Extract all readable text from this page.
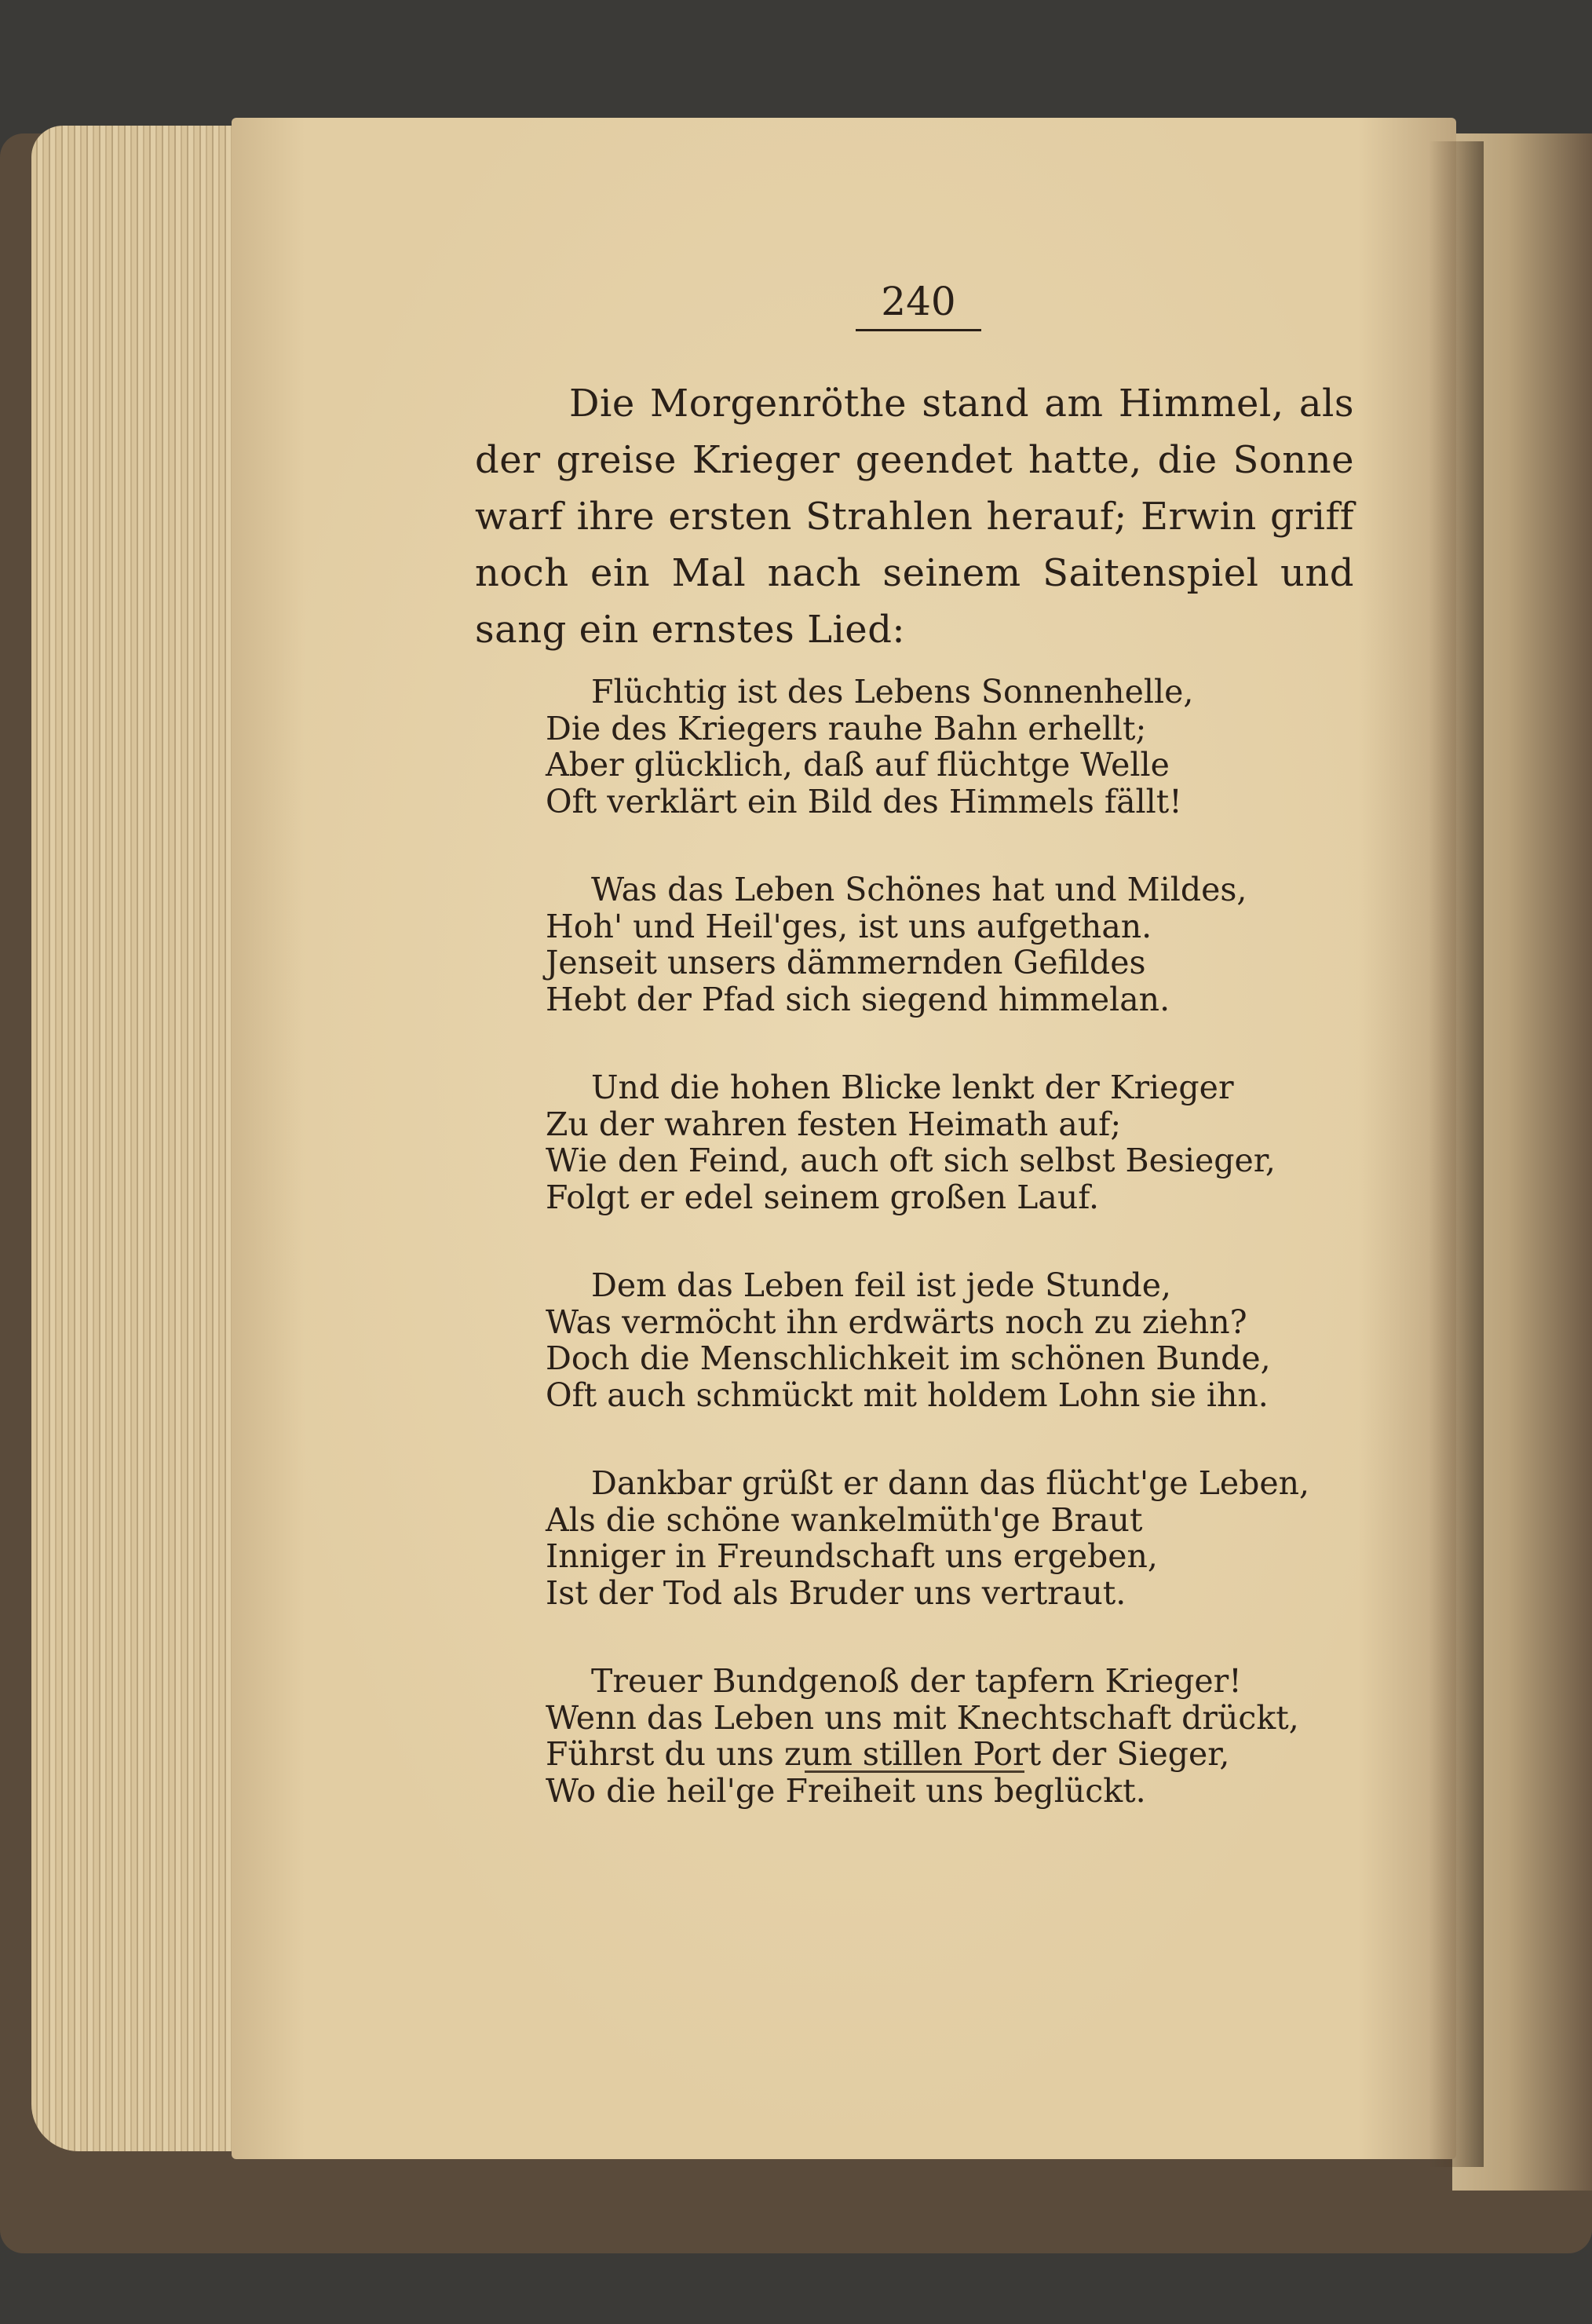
240
Die Morgenröthe stand am Himmel, als der greise Krieger geendet hatte, die Sonne warf ihre ersten Strahlen herauf; Erwin griff noch ein Mal nach seinem Saitenspiel und sang ein ernstes Lied:
Flüchtig ist des Lebens Sonnenhelle,
Die des Kriegers rauhe Bahn erhellt;
Aber glücklich, daß auf flüchtge Welle
Oft verklärt ein Bild des Himmels fällt!
Was das Leben Schönes hat und Mildes,
Hoh' und Heil'ges, ist uns aufgethan.
Jenseit unsers dämmernden Gefildes
Hebt der Pfad sich siegend himmelan.
Und die hohen Blicke lenkt der Krieger
Zu der wahren festen Heimath auf;
Wie den Feind, auch oft sich selbst Besieger,
Folgt er edel seinem großen Lauf.
Dem das Leben feil ist jede Stunde,
Was vermöcht ihn erdwärts noch zu ziehn?
Doch die Menschlichkeit im schönen Bunde,
Oft auch schmückt mit holdem Lohn sie ihn.
Dankbar grüßt er dann das flücht'ge Leben,
Als die schöne wankelmüth'ge Braut
Inniger in Freundschaft uns ergeben,
Ist der Tod als Bruder uns vertraut.
Treuer Bundgenoß der tapfern Krieger!
Wenn das Leben uns mit Knechtschaft drückt,
Führst du uns zum stillen Port der Sieger,
Wo die heil'ge Freiheit uns beglückt.
